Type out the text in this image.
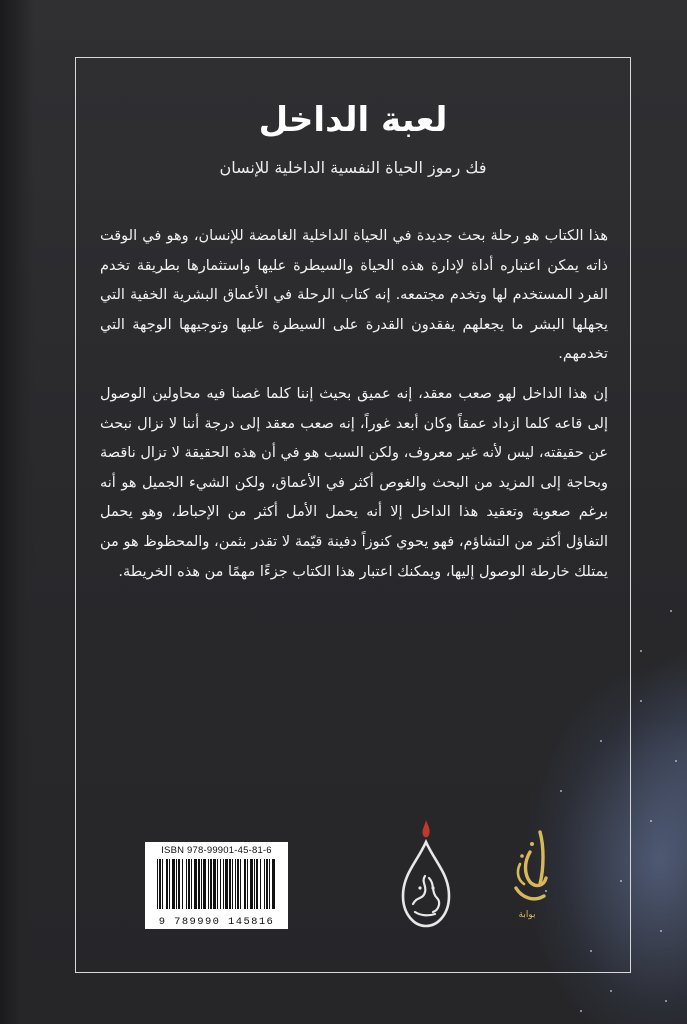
لعبة الداخل
فك رموز الحياة النفسية الداخلية للإنسان

هذا الكتاب هو رحلة بحث جديدة في الحياة الداخلية الغامضة للإنسان، وهو في الوقت ذاته يمكن اعتباره أداة لإدارة هذه الحياة والسيطرة عليها واستثمارها بطريقة تخدم الفرد المستخدم لها وتخدم مجتمعه. إنه كتاب الرحلة في الأعماق البشرية الخفية التي يجهلها البشر ما يجعلهم يفقدون القدرة على السيطرة عليها وتوجيهها الوجهة التي تخدمهم.

إن هذا الداخل لهو صعب معقد، إنه عميق بحيث إننا كلما غصنا فيه محاولين الوصول إلى قاعه كلما ازداد عمقاً وكان أبعد غوراً، إنه صعب معقد إلى درجة أننا لا نزال نبحث عن حقيقته، ليس لأنه غير معروف، ولكن السبب هو في أن هذه الحقيقة لا تزال ناقصة وبحاجة إلى المزيد من البحث والغوص أكثر في الأعماق، ولكن الشيء الجميل هو أنه برغم صعوبة وتعقيد هذا الداخل إلا أنه يحمل الأمل أكثر من الإحباط، وهو يحمل التفاؤل أكثر من التشاؤم، فهو يحوي كنوزاً دفينة قيّمة لا تقدر بثمن، والمحظوظ هو من يمتلك خارطة الوصول إليها، ويمكنك اعتبار هذا الكتاب جزءًا مهمًا من هذه الخريطة.

ISBN 978-99901-45-81-6
9 789990 145816
بوابة
